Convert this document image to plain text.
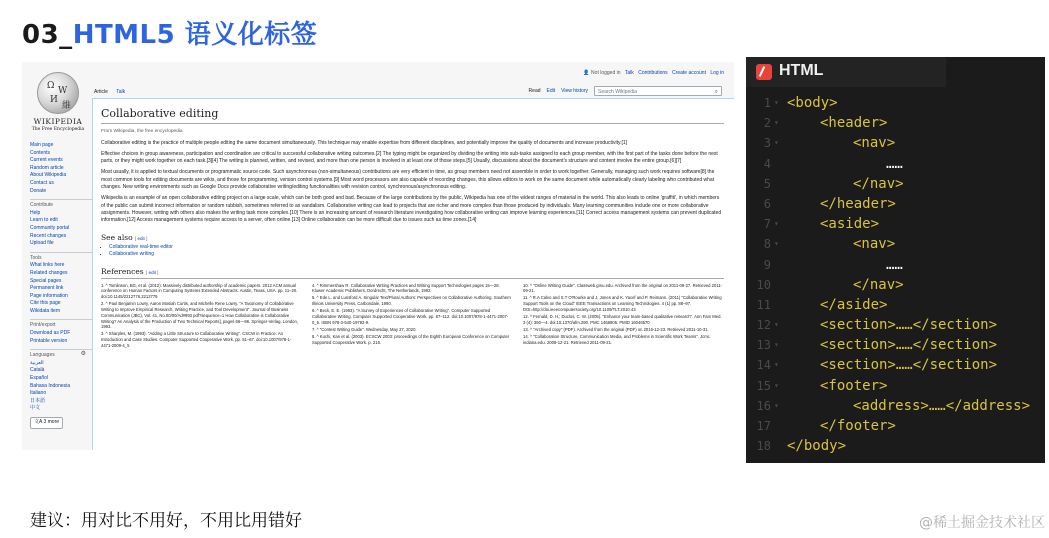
03_HTML5 语义化标签
Ω W
И
維
WIKIPEDIA
The Free Encyclopedia
Main page
Contents
Current events
Random article
About Wikipedia
Contact us
Donate
Contribute
Help
Learn to edit
Community portal
Recent changes
Upload file
Tools
What links here
Related changes
Special pages
Permanent link
Page information
Cite this page
Wikidata item
Print/export
Download as PDF
Printable version
Languages	⚙
العربية
Català
Español
Bahasa Indonesia
Italiano
日本語
中文
文A 3 more
👤 Not logged in Talk Contributions Create account Log in
Article Talk	Read Edit View history	Search Wikipedia	⌕
Collaborative editing
From Wikipedia, the free encyclopedia

Collaborative editing is the practice of multiple people editing the same document simultaneously. This technique may enable expertise from different disciplines, and potentially improve the quality of documents and increase productivity.[1]

Effective choices in group awareness, participation and coordination are critical to successful collaborative writing outcomes.[2] The typing might be organized by dividing the writing into sub-tasks assigned to each group member, with the first part of the tasks done before the next parts, or they might work together on each task.[3][4] The writing is planned, written, and revised, and more than one person is involved in at least one of those steps.[5] Usually, discussions about the document's structure and content involve the entire group.[6][7]

Most usually, it is applied to textual documents or programmatic source code. Such asynchronous (non-simultaneous) contributions are very efficient in time, as group members need not assemble in order to work together. Generally, managing such work requires software[8] the most common tools for editing documents are wikis, and those for programming, version control systems.[9] Most word processors are also capable of recording changes, this allows editors to work on the same document while automatically clearly labeling who contributed what changes. New writing environments such as Google Docs provide collaborative writing/editing functionalities with revision control, synchronous/asynchronous editing.

Wikipedia is an example of an open collaborative editing project on a large scale, which can be both good and bad. Because of the large contributions by the public, Wikipedia has one of the widest ranges of material in the world. This also leads to online 'graffiti', in which members of the public can submit incorrect information or random rubbish, sometimes referred to as vandalism. Collaborative writing can lead to projects that are richer and more complex than those produced by individuals. Many learning communities include one or more collaborative assignments. However, writing with others also makes the writing task more complex.[10] There is an increasing amount of research literature investigating how collaborative writing can improve learning experiences.[11] Correct access management systems can prevent duplicated information.[12] Access management systems require access to a server, often online.[13] Online collaboration can be more difficult due to issues such as time zones.[14]

See also [ edit ]
▪ Collaborative real-time editor
▪ Collaborative writing
References [ edit ]
1. ^ Tomlinson, BG, et al. (2012). Massively distributed authorship of academic papers. 2012 ACM annual conference on Human Factors in Computing Systems Extended Abstracts. Austin, Texas, USA. pp. 11–20. doi:10.1145/2212776.2212779
2. ^ Paul Benjamin Lowry, Aaron Mosiah Curtis, and Michelle Rene Lowry. "A Taxonomy of Collaborative Writing to Improve Empirical Research, Writing Practice, and Tool Development". Journal of Business Communication (JBC), Vol. 41, No.00/00/Ad#993 pdf?sequence=1 How Collaborative is Collaborative Writing? An Analysis of the Production of Two Technical Reports], pages 66—96. Springer-Verlag, London, 1993.
3. ^ Sharples, M. (1993). "Adding a Little Structure to Collaborative Writing". CSCW in Practice: An Introduction and Case Studies. Computer Supported Cooperative Work. pp. 51–67. doi:10.1007/978-1-4471-2009-4_5
4. ^ Rimmershaw R. Collaborative Writing Practices and Writing Support Technologies pages 15—28. Kluwer Academic Publishers, Dordrecht, The Netherlands, 1992.
5. ^ Ede L. and Lunsford A. Singular Text/Plural Authors: Perspectives on Collaborative Authoring. Southern Illinois University Press, Carbondale, 1990.
6. ^ Beck, E. E. (1993). "A Survey of Experiences of Collaborative Writing". Computer Supported Collaborative Writing. Computer Supported Cooperative Work. pp. 87–112. doi:10.1007/978-1-4471-2007-0_5. ISBN 978-3-540-19782-9.
7. ^ "Contest Writing Guide". Wednesday, May 27, 2020.
8. ^ Kuchi, Kan et al. (2003). ECSCW 2003: proceedings of the Eighth European Conference on Computer Supported Cooperative Work. p. 215.
10. ^ "Online Writing Guide". Classweb.gmu.edu. Archived from the original on 2011-09-27. Retrieved 2011-09-21.
11. ^ R.A Calvo and S.T O'Rourke and J. Jones and K. Yacef and P. Reimann. (2011) "Collaborative Writing Support Tools on the Cloud" IEEE Transactions on Learning Technologies. 4 (1) pp. 88–97. DOI=http://doi.ieeecomputersociety.org/10.1109/TLT.2010.43
12. ^ Fernald, D. H.; Duclos, C. W. (2005). "Enhance your team-based qualitative research". Ann Fam Med. 3 (4): 360—4. doi:10.1370/afm.290. PMC 1466905. PMID 16046570
13. ^ "Archived copy" (PDF). Archived from the original (PDF) on 2016-12-23. Retrieved 2011-10-31.
14. ^ "Collaboration Structure, Communication Media, and Problems in Scientific Work Teams". Jcmc. indiana.edu. 2008-12-21. Retrieved 2011-09-21.
HTML
1 ▾ <body>
2 ▾	<header>
3 ▾	<nav>
4	……
5	</nav>
6	</header>
7 ▾	<aside>
8 ▾	<nav>
9	……
10	</nav>
11	</aside>
12 ▾	<section>……</section>
13 ▾	<section>……</section>
14 ▾	<section>……</section>
15 ▾	<footer>
16 ▾	<address>……</address>
17	</footer>
18 </body>
建议：用对比不用好，不用比用错好	@稀土掘金技术社区
